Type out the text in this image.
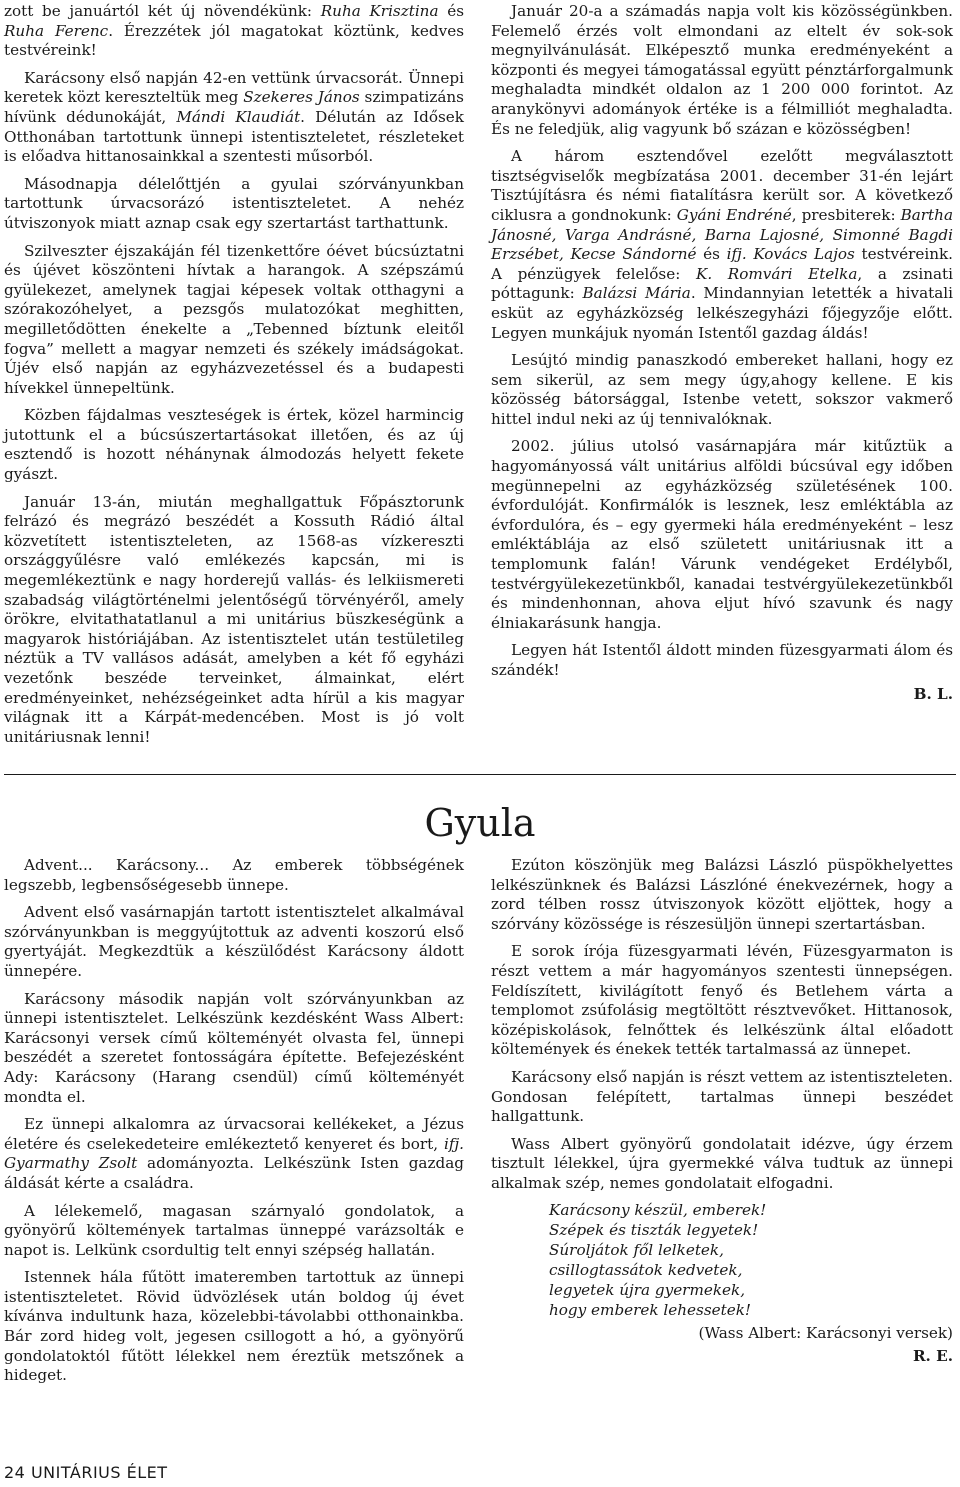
zott be januártól két új növendékünk: Ruha Krisztina és Ruha Ferenc. Érezzétek jól magatokat köztünk, kedves testvéreink!

Karácsony első napján 42-en vettünk úrvacsorát. Ünnepi keretek közt kereszteltük meg Szekeres János szimpatizáns hívünk dédunokáját, Mándi Klaudiát. Délután az Idősek Otthonában tartottunk ünnepi istentiszteletet, részleteket is előadva hittanosainkkal a szentesti műsorból.

Másodnapja délelőttjén a gyulai szórványunkban tartottunk úrvacsorázó istentiszteletet. A nehéz útviszonyok miatt aznap csak egy szertartást tarthattunk.

Szilveszter éjszakáján fél tizenkettőre óévet búcsúztatni és újévet köszönteni hívtak a harangok. A szépszámú gyülekezet, amelynek tagjai képesek voltak otthagyni a szórakozóhelyet, a pezsgős mulatozókat meghitten, megilletődötten énekelte a „Tebenned bíztunk eleitől fogva” mellett a magyar nemzeti és székely imádságokat. Újév első napján az egyházvezetéssel és a budapesti hívekkel ünnepeltünk.

Közben fájdalmas veszteségek is értek, közel harmincig jutottunk el a búcsúszertartásokat illetően, és az új esztendő is hozott néhánynak álmodozás helyett fekete gyászt.

Január 13-án, miután meghallgattuk Főpásztorunk felrázó és megrázó beszédét a Kossuth Rádió által közvetített istentiszteleten, az 1568-as vízkereszti országgyűlésre való emlékezés kapcsán, mi is megemlékeztünk e nagy horderejű vallás- és lelkiismereti szabadság világtörténelmi jelentőségű törvényéről, amely örökre, elvitathatatlanul a mi unitárius büszkeségünk a magyarok históriájában. Az istentisztelet után testületileg néztük a TV vallásos adását, amelyben a két fő egyházi vezetőnk beszéde terveinket, álmainkat, elért eredményeinket, nehézségeinket adta hírül a kis magyar világnak itt a Kárpát-medencében. Most is jó volt unitáriusnak lenni!

Január 20-a a számadás napja volt kis közösségünkben. Felemelő érzés volt elmondani az eltelt év sok-sok megnyilvánulását. Elképesztő munka eredményeként a központi és megyei támogatással együtt pénztárforgalmunk meghaladta mindkét oldalon az 1 200 000 forintot. Az aranykönyvi adományok értéke is a félmilliót meghaladta. És ne feledjük, alig vagyunk bő százan e közösségben!

A három esztendővel ezelőtt megválasztott tisztségviselők megbízatása 2001. december 31-én lejárt Tisztújításra és némi fiatalításra került sor. A következő ciklusra a gondnokunk: Gyáni Endréné, presbiterek: Bartha Jánosné, Varga Andrásné, Barna Lajosné, Simonné Bagdi Erzsébet, Kecse Sándorné és ifj. Kovács Lajos testvéreink. A pénzügyek felelőse: K. Romvári Etelka, a zsinati póttagunk: Balázsi Mária. Mindannyian letették a hivatali esküt az egyházközség lelkészegyházi főjegyzője előtt. Legyen munkájuk nyomán Istentől gazdag áldás!

Lesújtó mindig panaszkodó embereket hallani, hogy ez sem sikerül, az sem megy úgy,ahogy kellene. E kis közösség bátorsággal, Istenbe vetett, sokszor vakmerő hittel indul neki az új tennivalóknak.

2002. július utolsó vasárnapjára már kitűztük a hagyományossá vált unitárius alföldi búcsúval egy időben megünnepelni az egyházközség születésének 100. évfordulóját. Konfirmálók is lesznek, lesz emléktábla az évfordulóra, és – egy gyermeki hála eredményeként – lesz emléktáblája az első született unitáriusnak itt a templomunk falán! Várunk vendégeket Erdélyből, testvérgyülekezetünkből, kanadai testvérgyülekezetünkből és mindenhonnan, ahova eljut hívó szavunk és nagy élniakarásunk hangja.

Legyen hát Istentől áldott minden füzesgyarmati álom és szándék!

B. L.

Gyula

Advent... Karácsony... Az emberek többségének legszebb, legbensőségesebb ünnepe.

Advent első vasárnapján tartott istentisztelet alkalmával szórványunkban is meggyújtottuk az adventi koszorú első gyertyáját. Megkezdtük a készülődést Karácsony áldott ünnepére.

Karácsony második napján volt szórványunkban az ünnepi istentisztelet. Lelkészünk kezdésként Wass Albert: Karácsonyi versek című költeményét olvasta fel, ünnepi beszédét a szeretet fontosságára építette. Befejezésként Ady: Karácsony (Harang csendül) című költeményét mondta el.

Ez ünnepi alkalomra az úrvacsorai kellékeket, a Jézus életére és cselekedeteire emlékeztető kenyeret és bort, ifj. Gyarmathy Zsolt adományozta. Lelkészünk Isten gazdag áldását kérte a családra.

A lélekemelő, magasan szárnyaló gondolatok, a gyönyörű költemények tartalmas ünneppé varázsolták e napot is. Lelkünk csordultig telt ennyi szépség hallatán.

Istennek hála fűtött imateremben tartottuk az ünnepi istentiszteletet. Rövid üdvözlések után boldog új évet kívánva indultunk haza, közelebbi-távolabbi otthonainkba. Bár zord hideg volt, jegesen csillogott a hó, a gyönyörű gondolatoktól fűtött lélekkel nem éreztük metszőnek a hideget.

Ezúton köszönjük meg Balázsi László püspökhelyettes lelkészünknek és Balázsi Lászlóné énekvezérnek, hogy a zord télben rossz útviszonyok között eljöttek, hogy a szórvány közössége is részesüljön ünnepi szertartásban.

E sorok írója füzesgyarmati lévén, Füzesgyarmaton is részt vettem a már hagyományos szentesti ünnepségen. Feldíszített, kivilágított fenyő és Betlehem várta a templomot zsúfolásig megtöltött résztvevőket. Hittanosok, középiskolások, felnőttek és lelkészünk által előadott költemények és énekek tették tartalmassá az ünnepet.

Karácsony első napján is részt vettem az istentiszteleten. Gondosan felépített, tartalmas ünnepi beszédet hallgattunk.

Wass Albert gyönyörű gondolatait idézve, úgy érzem tisztult lélekkel, újra gyermekké válva tudtuk az ünnepi alkalmak szép, nemes gondolatait elfogadni.

Karácsony készül, emberek!
Szépek és tiszták legyetek!
Súroljátok fől lelketek,
csillogtassátok kedvetek,
legyetek újra gyermekek,
hogy emberek lehessetek!

(Wass Albert: Karácsonyi versek)

R. E.

24 UNITÁRIUS ÉLET
